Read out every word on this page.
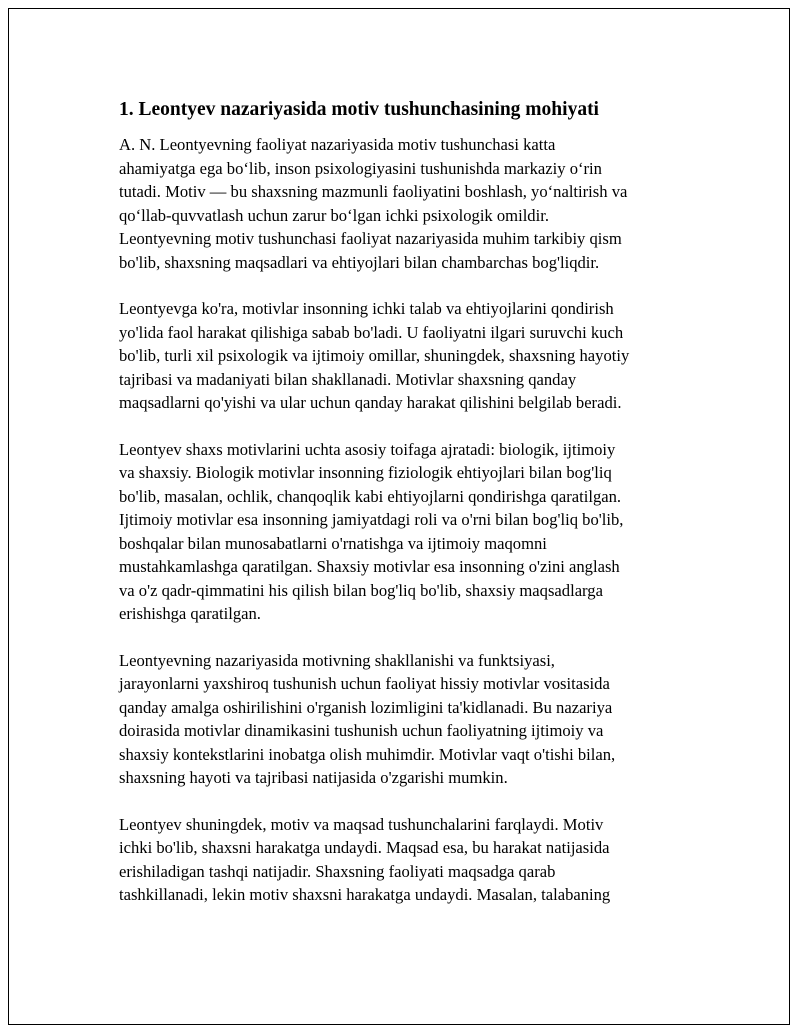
1. Leontyev nazariyasida motiv tushunchasining mohiyati
A. N. Leontyevning faoliyat nazariyasida motiv tushunchasi katta
ahamiyatga ega bo‘lib, inson psixologiyasini tushunishda markaziy o‘rin
tutadi. Motiv — bu shaxsning mazmunli faoliyatini boshlash, yo‘naltirish va
qo‘llab-quvvatlash uchun zarur bo‘lgan ichki psixologik omildir.
Leontyevning motiv tushunchasi faoliyat nazariyasida muhim tarkibiy qism
bo'lib, shaxsning maqsadlari va ehtiyojlari bilan chambarchas bog'liqdir.
Leontyevga ko'ra, motivlar insonning ichki talab va ehtiyojlarini qondirish
yo'lida faol harakat qilishiga sabab bo'ladi. U faoliyatni ilgari suruvchi kuch
bo'lib, turli xil psixologik va ijtimoiy omillar, shuningdek, shaxsning hayotiy
tajribasi va madaniyati bilan shakllanadi. Motivlar shaxsning qanday
maqsadlarni qo'yishi va ular uchun qanday harakat qilishini belgilab beradi.
Leontyev shaxs motivlarini uchta asosiy toifaga ajratadi: biologik, ijtimoiy
va shaxsiy. Biologik motivlar insonning fiziologik ehtiyojlari bilan bog'liq
bo'lib, masalan, ochlik, chanqoqlik kabi ehtiyojlarni qondirishga qaratilgan.
Ijtimoiy motivlar esa insonning jamiyatdagi roli va o'rni bilan bog'liq bo'lib,
boshqalar bilan munosabatlarni o'rnatishga va ijtimoiy maqomni
mustahkamlashga qaratilgan. Shaxsiy motivlar esa insonning o'zini anglash
va o'z qadr-qimmatini his qilish bilan bog'liq bo'lib, shaxsiy maqsadlarga
erishishga qaratilgan.
Leontyevning nazariyasida motivning shakllanishi va funktsiyasi,
jarayonlarni yaxshiroq tushunish uchun faoliyat hissiy motivlar vositasida
qanday amalga oshirilishini o'rganish lozimligini ta'kidlanadi. Bu nazariya
doirasida motivlar dinamikasini tushunish uchun faoliyatning ijtimoiy va
shaxsiy kontekstlarini inobatga olish muhimdir. Motivlar vaqt o'tishi bilan,
shaxsning hayoti va tajribasi natijasida o'zgarishi mumkin.
Leontyev shuningdek, motiv va maqsad tushunchalarini farqlaydi. Motiv
ichki bo'lib, shaxsni harakatga undaydi. Maqsad esa, bu harakat natijasida
erishiladigan tashqi natijadir. Shaxsning faoliyati maqsadga qarab
tashkillanadi, lekin motiv shaxsni harakatga undaydi. Masalan, talabaning
